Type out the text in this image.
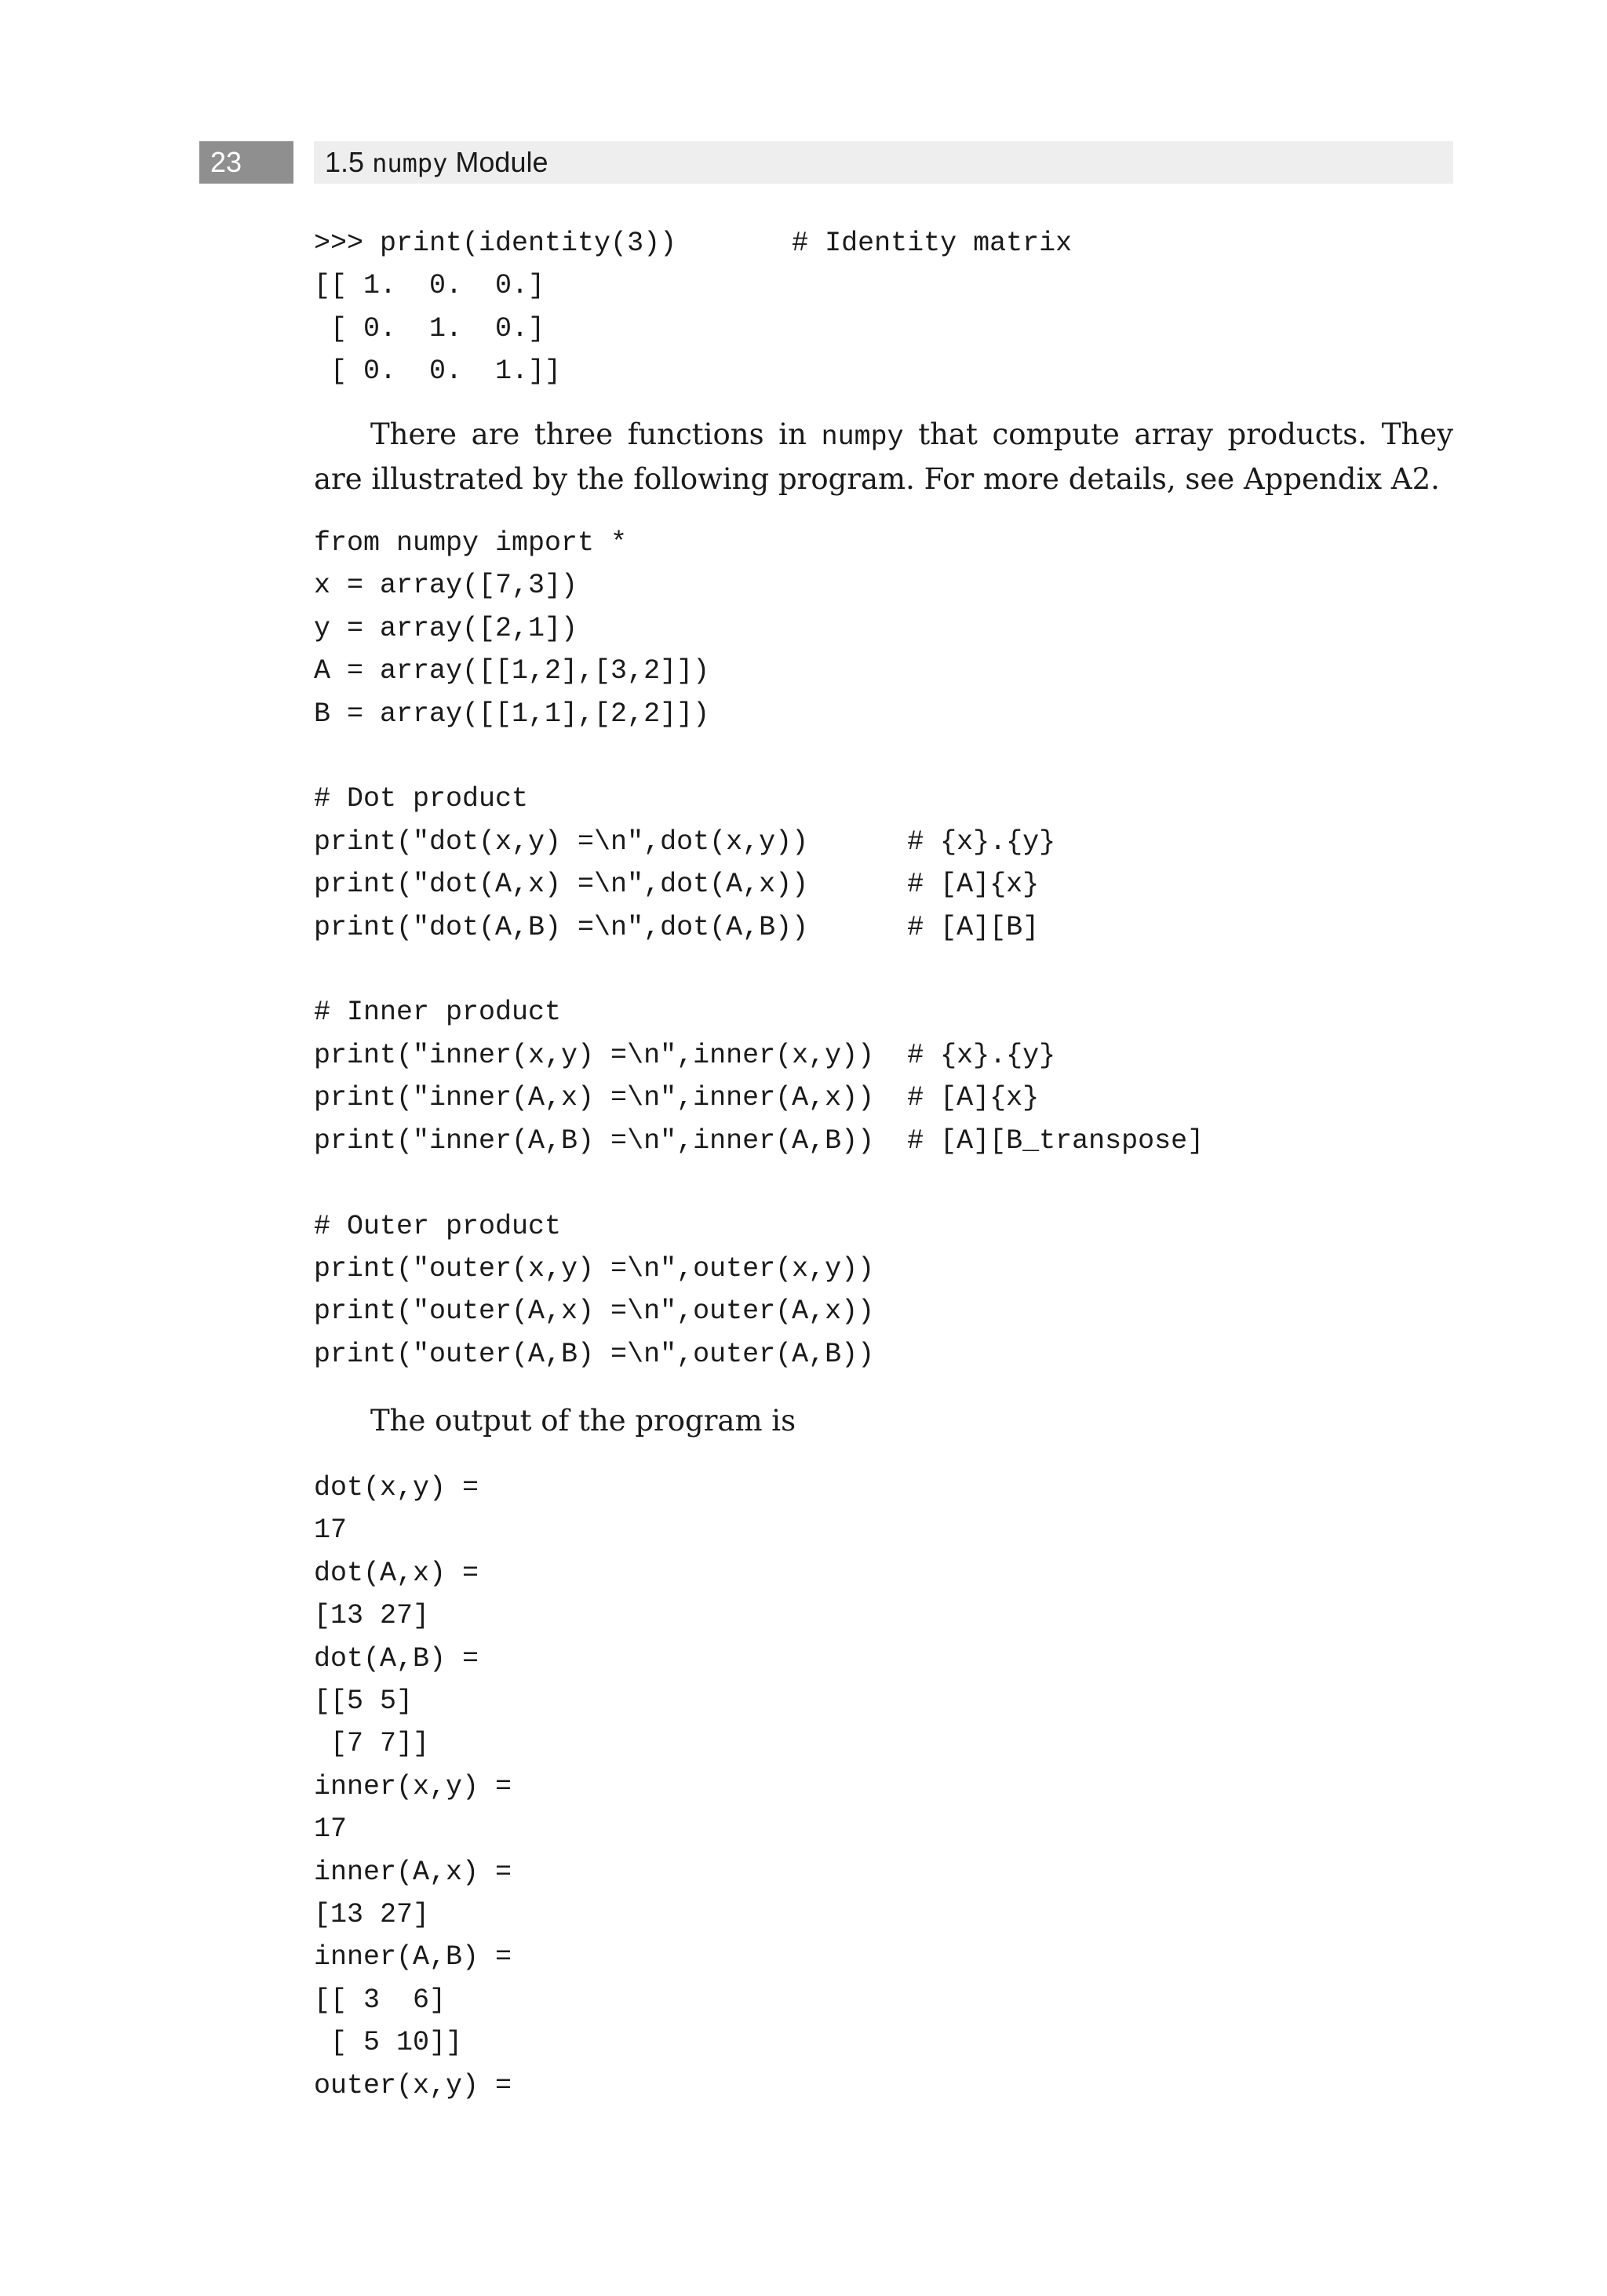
23	1.5 numpy Module
>>> print(identity(3))       # Identity matrix
[[ 1.  0.  0.]
[ 0.  1.  0.]
[ 0.  0.  1.]]

There are three functions in numpy that compute array products. They are illustrated by the following program. For more details, see Appendix A2.

from numpy import *
x = array([7,3])
y = array([2,1])
A = array([[1,2],[3,2]])
B = array([[1,1],[2,2]])

# Dot product
print("dot(x,y) =\n",dot(x,y))      # {x}.{y}
print("dot(A,x) =\n",dot(A,x))      # [A]{x}
print("dot(A,B) =\n",dot(A,B))      # [A][B]

# Inner product
print("inner(x,y) =\n",inner(x,y))  # {x}.{y}
print("inner(A,x) =\n",inner(A,x))  # [A]{x}
print("inner(A,B) =\n",inner(A,B))  # [A][B_transpose]

# Outer product
print("outer(x,y) =\n",outer(x,y))
print("outer(A,x) =\n",outer(A,x))
print("outer(A,B) =\n",outer(A,B))

The output of the program is

dot(x,y) =
17
dot(A,x) =
[13 27]
dot(A,B) =
[[5 5]
[7 7]]
inner(x,y) =
17
inner(A,x) =
[13 27]
inner(A,B) =
[[ 3  6]
[ 5 10]]
outer(x,y) =
